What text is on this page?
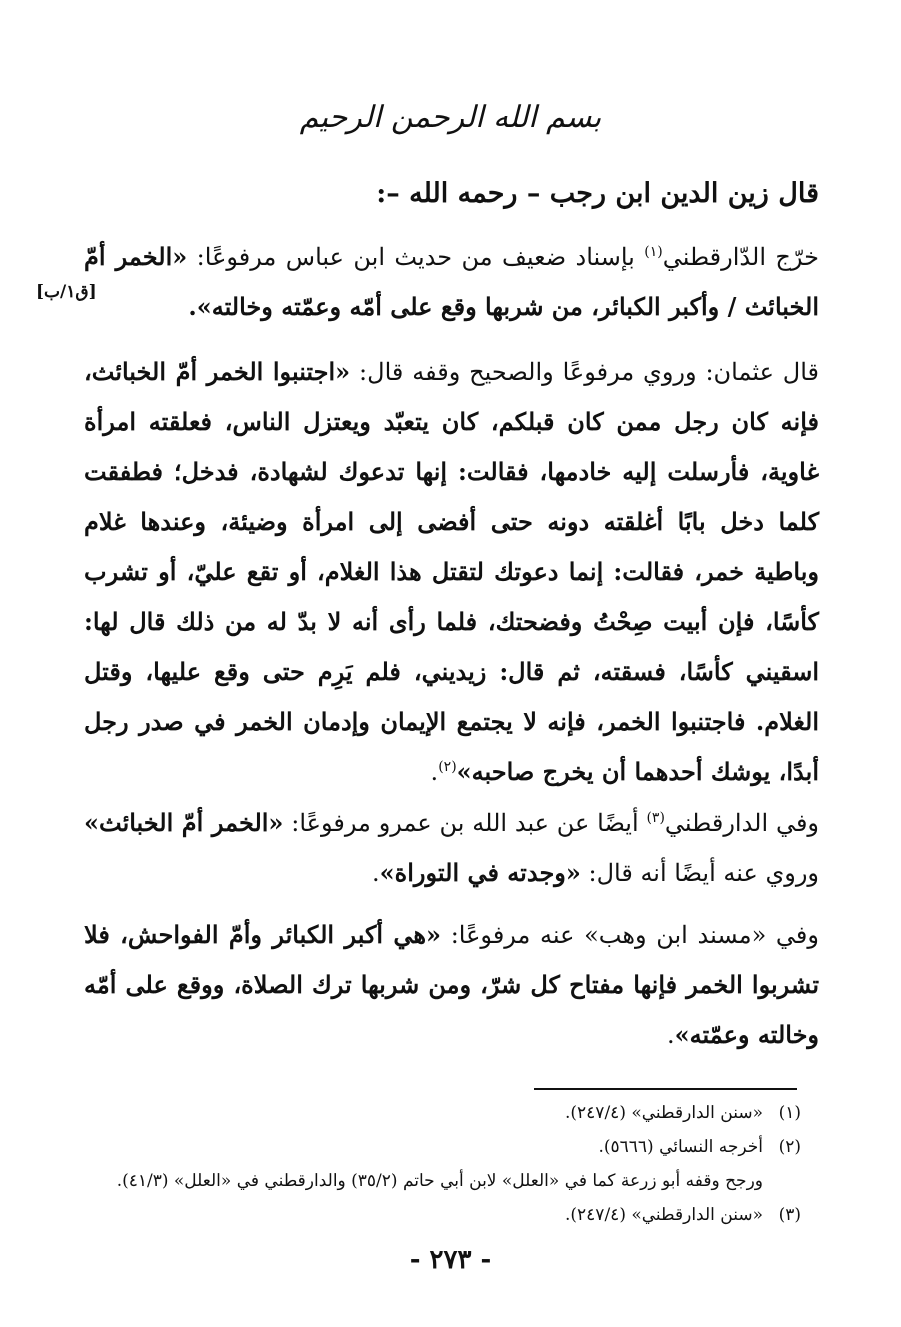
بسم الله الرحمن الرحيم
قال زين الدين ابن رجب – رحمه الله –:
[ق١/ب]
خرّج الدّارقطني$^{(١)}$ بإسناد ضعيف من حديث ابن عباس مرفوعًا: «الخمر أمّ الخبائث / وأكبر الكبائر، من شربها وقع على أمّه وعمّته وخالته».
قال عثمان: وروي مرفوعًا والصحيح وقفه قال: «اجتنبوا الخمر أمّ الخبائث، فإنه كان رجل ممن كان قبلكم، كان يتعبّد ويعتزل الناس، فعلقته امرأة غاوية، فأرسلت إليه خادمها، فقالت: إنها تدعوك لشهادة، فدخل؛ فطفقت كلما دخل بابًا أغلقته دونه حتى أفضى إلى امرأة وضيئة، وعندها غلام وباطية خمر، فقالت: إنما دعوتك لتقتل هذا الغلام، أو تقع عليّ، أو تشرب كأسًا، فإن أبيت صِحْتُ وفضحتك، فلما رأى أنه لا بدّ له من ذلك قال لها: اسقيني كأسًا، فسقته، ثم قال: زيديني، فلم يَرِم حتى وقع عليها، وقتل الغلام. فاجتنبوا الخمر، فإنه لا يجتمع الإيمان وإدمان الخمر في صدر رجل أبدًا، يوشك أحدهما أن يخرج صاحبه»$^{(٢)}$.
وفي الدارقطني$^{(٣)}$ أيضًا عن عبد الله بن عمرو مرفوعًا: «الخمر أمّ الخبائث» وروي عنه أيضًا أنه قال: «وجدته في التوراة».
وفي «مسند ابن وهب» عنه مرفوعًا: «هي أكبر الكبائر وأمّ الفواحش، فلا تشربوا الخمر فإنها مفتاح كل شرّ، ومن شربها ترك الصلاة، ووقع على أمّه وخالته وعمّته».
(١)«سنن الدارقطني» (٢٤٧/٤).
(٢)أخرجه النسائي (٥٦٦٦).
ورجح وقفه أبو زرعة كما في «العلل» لابن أبي حاتم (٣٥/٢) والدارقطني في «العلل» (٤١/٣).
(٣)«سنن الدارقطني» (٢٤٧/٤).
- ٢٧٣ -
